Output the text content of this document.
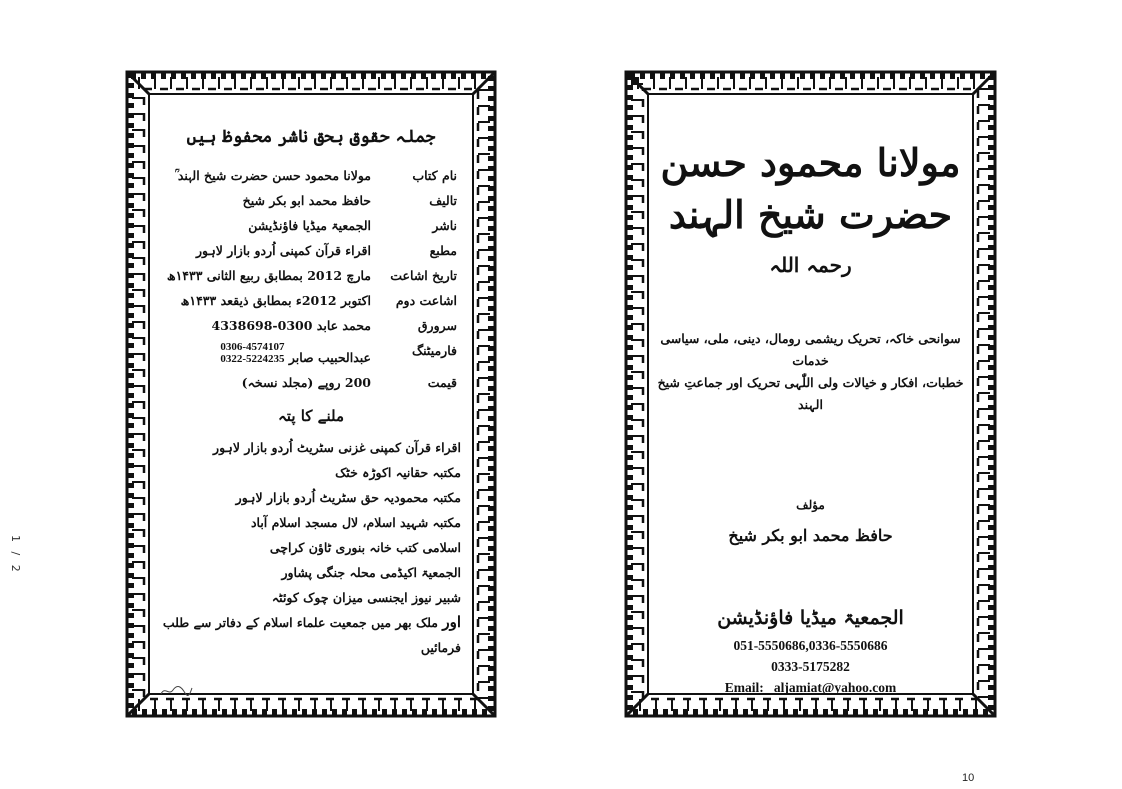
1 / 2
جملہ حقوق بحق ناشر محفوظ ہیں
نام کتاب	مولانا محمود حسن حضرت شیخ الہند ؒ
تالیف	حافظ محمد ابو بکر شیخ
ناشر	الجمعیۃ میڈیا فاؤنڈیشن
مطبع	اقراء قرآن کمپنی اُردو بازار لاہور
تاریخ اشاعت	مارچ 2012 بمطابق ربیع الثانی ۱۴۳۳ھ
اشاعت دوم	اکتوبر 2012ء بمطابق ذیقعد ۱۴۳۳ھ
سرورق	محمد عابد 0300-4338698
فارمیٹنگ	عبدالحبیب صابر 0306-4574107
0322-5224235
قیمت	200 روپے (مجلد نسخہ)
ملنے کا پتہ
اقراء قرآن کمپنی غزنی سٹریٹ اُردو بازار لاہور
مکتبہ حقانیہ اکوڑہ خٹک
مکتبہ محمودیہ حق سٹریٹ اُردو بازار لاہور
مکتبہ شہید اسلام، لال مسجد اسلام آباد
اسلامی کتب خانہ بنوری ٹاؤن کراچی
الجمعیۃ اکیڈمی محلہ جنگی پشاور
شبیر نیوز ایجنسی میزان چوک کوئٹہ
اور ملک بھر میں جمعیت علماء اسلام کے دفاتر سے طلب فرمائیں
مولانا محمود حسن
حضرت شیخ الہند $^{رحمہ اللہ}$
سوانحی خاکہ، تحریک ریشمی رومال، دینی، ملی، سیاسی خدمات
خطبات، افکار و خیالات ولی اللّٰہی تحریک اور جماعتِ شیخ الہند
مؤلف
حافظ محمد ابو بکر شیخ
الجمعیۃ میڈیا فاؤنڈیشن
051-5550686,0336-5550686
0333-5175282
Email: aljamiat@yahoo.com
10
